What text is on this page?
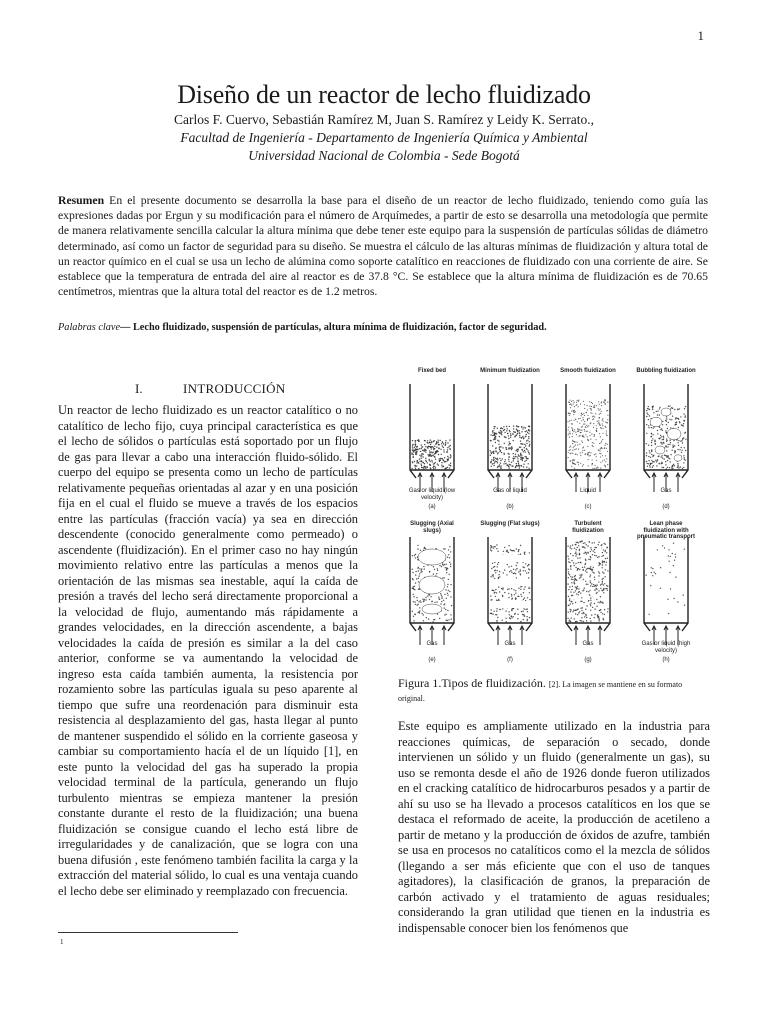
1
Diseño de un reactor de lecho fluidizado
Carlos F. Cuervo, Sebastián Ramírez M, Juan S. Ramírez y Leidy K. Serrato.,
Facultad de Ingeniería - Departamento de Ingeniería Química y Ambiental
Universidad Nacional de Colombia - Sede Bogotá
Resumen En el presente documento se desarrolla la base para el diseño de un reactor de lecho fluidizado, teniendo como guía las expresiones dadas por Ergun y su modificación para el número de Arquímedes, a partir de esto se desarrolla una metodología que permite de manera relativamente sencilla calcular la altura mínima que debe tener este equipo para la suspensión de partículas sólidas de diámetro determinado, así como un factor de seguridad para su diseño. Se muestra el cálculo de las alturas mínimas de fluidización y altura total de un reactor químico en el cual se usa un lecho de alúmina como soporte catalítico en reacciones de fluidizado con una corriente de aire. Se establece que la temperatura de entrada del aire al reactor es de 37.8 °C. Se establece que la altura mínima de fluidización es de 70.65 centímetros, mientras que la altura total del reactor es de 1.2 metros.
Palabras clave— Lecho fluidizado, suspensión de partículas, altura mínima de fluidización, factor de seguridad.
I.	INTRODUCCIÓN
Un reactor de lecho fluidizado es un reactor catalítico o no catalítico de lecho fijo, cuya principal característica es que el lecho de sólidos o partículas está soportado por un flujo de gas para llevar a cabo una interacción fluido-sólido. El cuerpo del equipo se presenta como un lecho de partículas relativamente pequeñas orientadas al azar y en una posición fija en el cual el fluido se mueve a través de los espacios entre las partículas (fracción vacía) ya sea en dirección descendente (conocido generalmente como permeado) o ascendente (fluidización). En el primer caso no hay ningún movimiento relativo entre las partículas a menos que la orientación de las mismas sea inestable, aquí la caída de presión a través del lecho será directamente proporcional a la velocidad de flujo, aumentando más rápidamente a grandes velocidades, en la dirección ascendente, a bajas velocidades la caída de presión es similar a la del caso anterior, conforme se va aumentando la velocidad de ingreso esta caída también aumenta, la resistencia por rozamiento sobre las partículas iguala su peso aparente al tiempo que sufre una reordenación para disminuir esta resistencia al desplazamiento del gas, hasta llegar al punto de mantener suspendido el sólido en la corriente gaseosa y cambiar su comportamiento hacía el de un líquido [1], en este punto la velocidad del gas ha superado la propia velocidad terminal de la partícula, generando un flujo turbulento mientras se empieza mantener la presión constante durante el resto de la fluidización; una buena fluidización se consigue cuando el lecho está libre de irregularidades y de canalización, que se logra con una buena difusión , este fenómeno también facilita la carga y la extracción del material sólido, lo cual es una ventaja cuando el lecho debe ser eliminado y reemplazado con frecuencia.
Fixed bed
Gas or liquid (low velocity)
(a)
Minimum fluidization
Gas or liquid
(b)
Smooth fluidization
Liquid
(c)
Bubbling fluidization
Gas
(d)
Slugging (Axial slugs)
Gas
(e)
Slugging (Flat slugs)
Gas
(f)
Turbulent fluidization
Gas
(g)
Lean phase fluidization with pneumatic transport
Gas or liquid (high velocity)
(h)
Figura 1.Tipos de fluidización. [2]. La imagen se mantiene en su formato original.
Este equipo es ampliamente utilizado en la industria para reacciones químicas, de separación o secado, donde intervienen un sólido y un fluido (generalmente un gas), su uso se remonta desde el año de 1926 donde fueron utilizados en el cracking catalítico de hidrocarburos pesados y a partir de ahí su uso se ha llevado a procesos catalíticos en los que se destaca el reformado de aceite, la producción de acetileno a partir de metano y la producción de óxidos de azufre, también se usa en procesos no catalíticos como el la mezcla de sólidos (llegando a ser más eficiente que con el uso de tanques agitadores), la clasificación de granos, la preparación de carbón activado y el tratamiento de aguas residuales; considerando la gran utilidad que tienen en la industria es indispensable conocer bien los fenómenos que
1
